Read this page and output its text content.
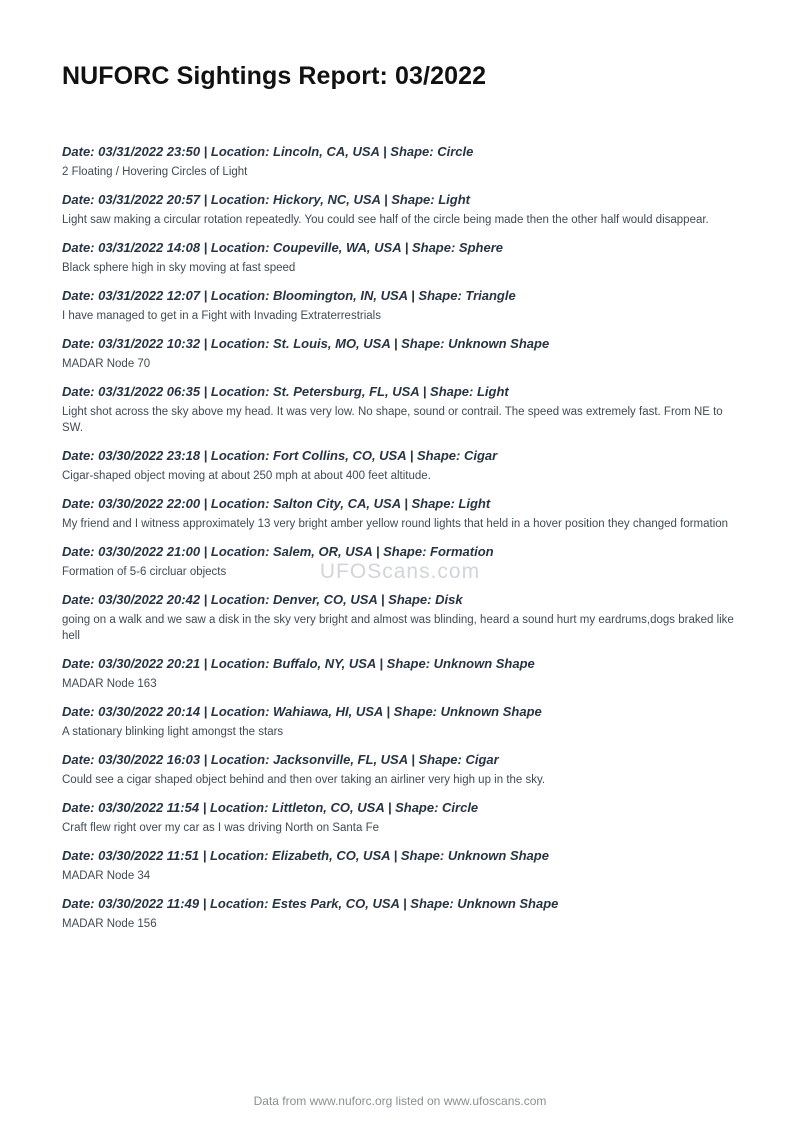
NUFORC Sightings Report: 03/2022
Date: 03/31/2022 23:50 | Location: Lincoln, CA, USA | Shape: Circle
2 Floating / Hovering Circles of Light
Date: 03/31/2022 20:57 | Location: Hickory, NC, USA | Shape: Light
Light saw making a circular rotation repeatedly. You could see half of the circle being made then the other half would disappear.
Date: 03/31/2022 14:08 | Location: Coupeville, WA, USA | Shape: Sphere
Black sphere high in sky moving at fast speed
Date: 03/31/2022 12:07 | Location: Bloomington, IN, USA | Shape: Triangle
I have managed to get in a Fight with Invading Extraterrestrials
Date: 03/31/2022 10:32 | Location: St. Louis, MO, USA | Shape: Unknown Shape
MADAR Node 70
Date: 03/31/2022 06:35 | Location: St. Petersburg, FL, USA | Shape: Light
Light shot across the sky above my head. It was very low. No shape, sound or contrail. The speed was extremely fast. From NE to SW.
Date: 03/30/2022 23:18 | Location: Fort Collins, CO, USA | Shape: Cigar
Cigar-shaped object moving at about 250 mph at about 400 feet altitude.
Date: 03/30/2022 22:00 | Location: Salton City, CA, USA | Shape: Light
My friend and I witness approximately 13 very bright amber yellow round lights that held in a hover position they changed formation
Date: 03/30/2022 21:00 | Location: Salem, OR, USA | Shape: Formation
Formation of 5-6 circluar objects
Date: 03/30/2022 20:42 | Location: Denver, CO, USA | Shape: Disk
going on a walk and we saw a disk in the sky very bright and almost was blinding, heard a sound hurt my eardrums,dogs braked like hell
Date: 03/30/2022 20:21 | Location: Buffalo, NY, USA | Shape: Unknown Shape
MADAR Node 163
Date: 03/30/2022 20:14 | Location: Wahiawa, HI, USA | Shape: Unknown Shape
A stationary blinking light amongst the stars
Date: 03/30/2022 16:03 | Location: Jacksonville, FL, USA | Shape: Cigar
Could see a cigar shaped object behind and then over taking an airliner very high up in the sky.
Date: 03/30/2022 11:54 | Location: Littleton, CO, USA | Shape: Circle
Craft flew right over my car as I was driving North on Santa Fe
Date: 03/30/2022 11:51 | Location: Elizabeth, CO, USA | Shape: Unknown Shape
MADAR Node 34
Date: 03/30/2022 11:49 | Location: Estes Park, CO, USA | Shape: Unknown Shape
MADAR Node 156
UFOScans.com
Data from www.nuforc.org listed on www.ufoscans.com
